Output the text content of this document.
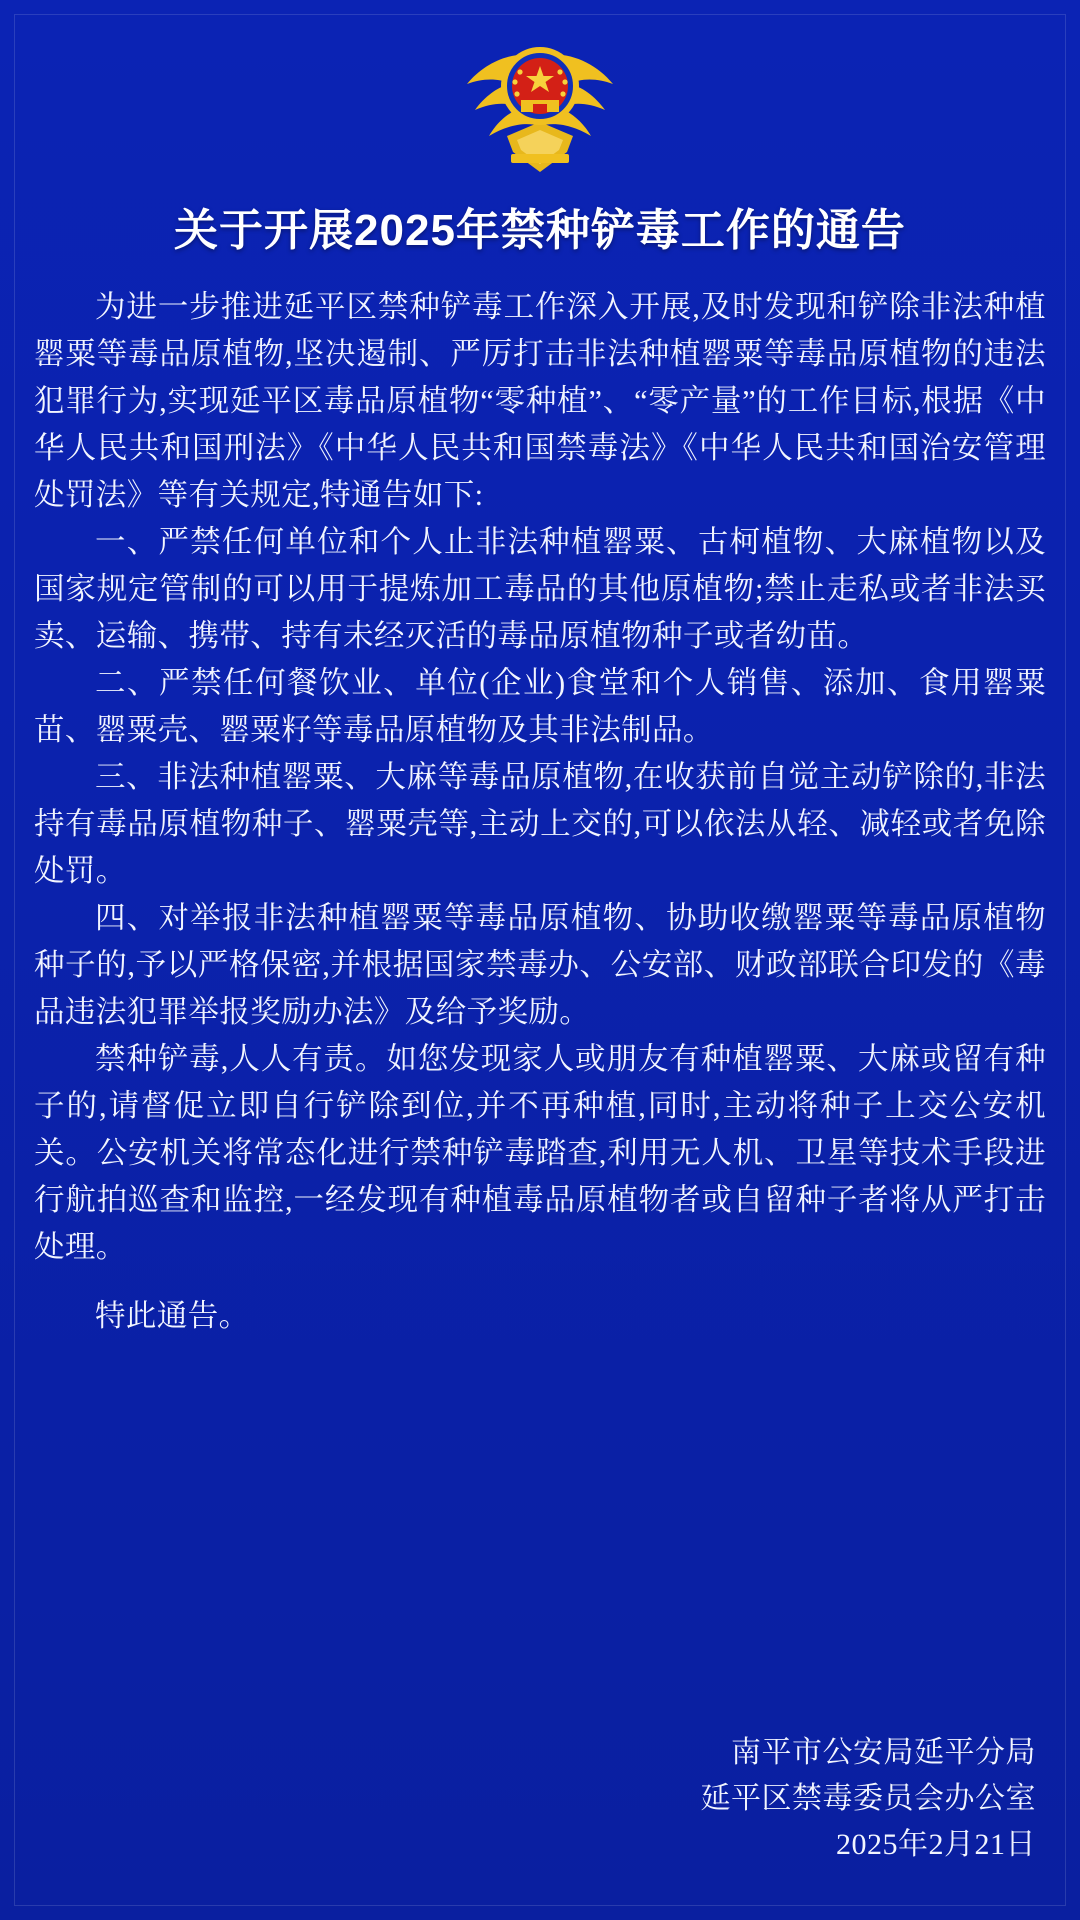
关于开展2025年禁种铲毒工作的通告

为进一步推进延平区禁种铲毒工作深入开展,及时发现和铲除非法种植罂粟等毒品原植物,坚决遏制、严厉打击非法种植罂粟等毒品原植物的违法犯罪行为,实现延平区毒品原植物“零种植”、“零产量”的工作目标,根据《中华人民共和国刑法》《中华人民共和国禁毒法》《中华人民共和国治安管理处罚法》等有关规定,特通告如下:

一、严禁任何单位和个人止非法种植罂粟、古柯植物、大麻植物以及国家规定管制的可以用于提炼加工毒品的其他原植物;禁止走私或者非法买卖、运输、携带、持有未经灭活的毒品原植物种子或者幼苗。

二、严禁任何餐饮业、单位(企业)食堂和个人销售、添加、食用罂粟苗、罂粟壳、罂粟籽等毒品原植物及其非法制品。

三、非法种植罂粟、大麻等毒品原植物,在收获前自觉主动铲除的,非法持有毒品原植物种子、罂粟壳等,主动上交的,可以依法从轻、减轻或者免除处罚。

四、对举报非法种植罂粟等毒品原植物、协助收缴罂粟等毒品原植物种子的,予以严格保密,并根据国家禁毒办、公安部、财政部联合印发的《毒品违法犯罪举报奖励办法》及给予奖励。

禁种铲毒,人人有责。如您发现家人或朋友有种植罂粟、大麻或留有种子的,请督促立即自行铲除到位,并不再种植,同时,主动将种子上交公安机关。公安机关将常态化进行禁种铲毒踏查,利用无人机、卫星等技术手段进行航拍巡查和监控,一经发现有种植毒品原植物者或自留种子者将从严打击处理。

特此通告。

南平市公安局延平分局
延平区禁毒委员会办公室
2025年2月21日
